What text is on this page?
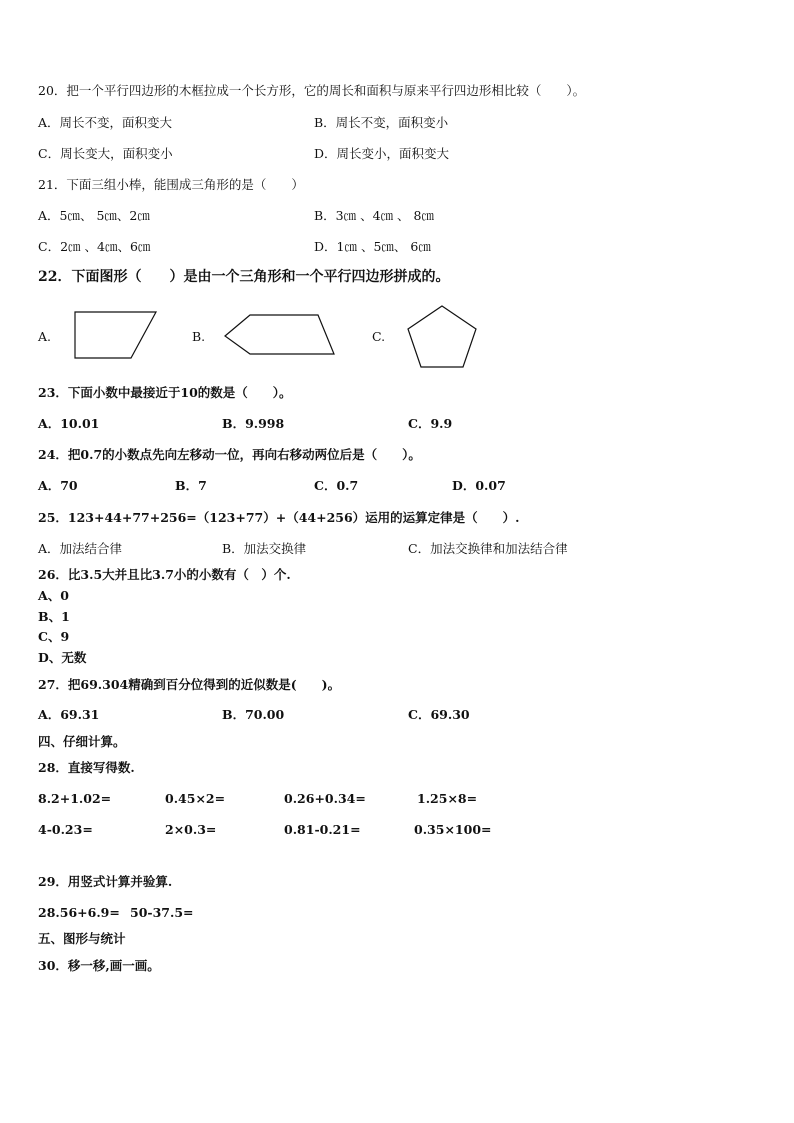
20．把一个平行四边形的木框拉成一个长方形，它的周长和面积与原来平行四边形相比较（　　）。
A．周长不变，面积变大	B．周长不变，面积变小
C．周长变大，面积变小	D．周长变小，面积变大
21．下面三组小棒，能围成三角形的是（　　）
A．5㎝、 5㎝、2㎝	B．3㎝ 、4㎝ 、 8㎝
C．2㎝ 、4㎝、6㎝	D．1㎝ 、5㎝、 6㎝
22．下面图形（　　）是由一个三角形和一个平行四边形拼成的。
A.	B.	C.
23．下面小数中最接近于10的数是（　　）。
A．10.01	B．9.998	C．9.9
24．把0.7的小数点先向左移动一位，再向右移动两位后是（　　）。
A．70	B．7	C．0.7	D．0.07
25．123+44+77+256=（123+77）+（44+256）运用的运算定律是（　　）.
A．加法结合律	B．加法交换律	C．加法交换律和加法结合律
26．比3.5大并且比3.7小的小数有（　）个.
A、0
B、1
C、9
D、无数
27．把69.304精确到百分位得到的近似数是(　　)。
A．69.31	B．70.00	C．69.30
四、仔细计算。
28．直接写得数.
8.2+1.02=	0.45×2=	0.26+0.34=	1.25×8=
4-0.23=	2×0.3=	0.81-0.21=	0.35×100=
29．用竖式计算并验算.
28.56+6.9= 50-37.5=
五、图形与统计
30．移一移,画一画。
